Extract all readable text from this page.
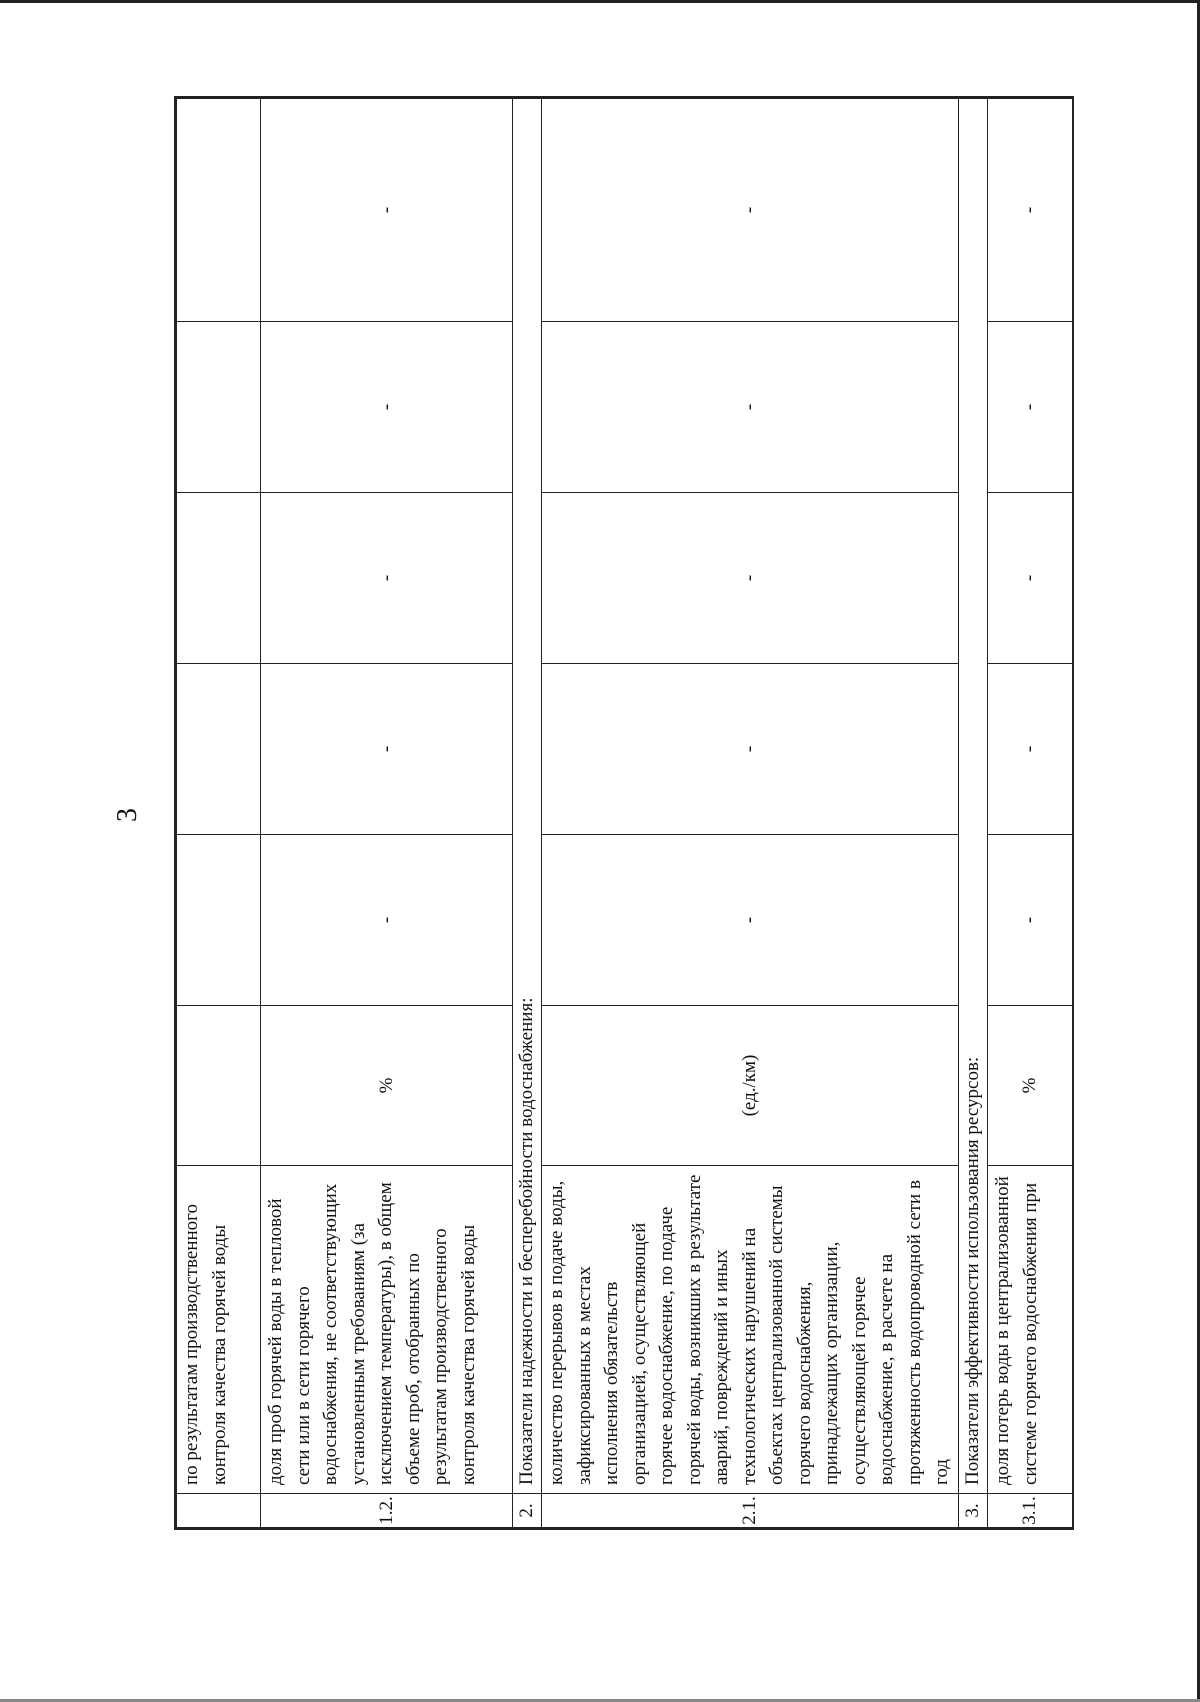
3
	по результатам производственного контроля качества горячей воды						
1.2.	доля проб горячей воды в тепловой сети или в сети горячего водоснабжения, не соответствующих установленным требованиям (за исключением температуры), в общем объеме проб, отобранных по результатам производственного контроля качества горячей воды	%	-	-	-	-	-
2.	Показатели надежности и бесперебойности водоснабжения:						
2.1.	количество перерывов в подаче воды, зафиксированных в местах исполнения обязательств организацией, осуществляющей горячее водоснабжение, по подаче горячей воды, возникших в результате аварий, повреждений и иных технологических нарушений на объектах централизованной системы горячего водоснабжения, принадлежащих организации, осуществляющей горячее водоснабжение, в расчете на протяженность водопроводной сети в год	(ед./км)	-	-	-	-	-
3.	Показатели эффективности использования ресурсов:						
3.1.	доля потерь воды в централизованной системе горячего водоснабжения при	%	-	-	-	-	-
